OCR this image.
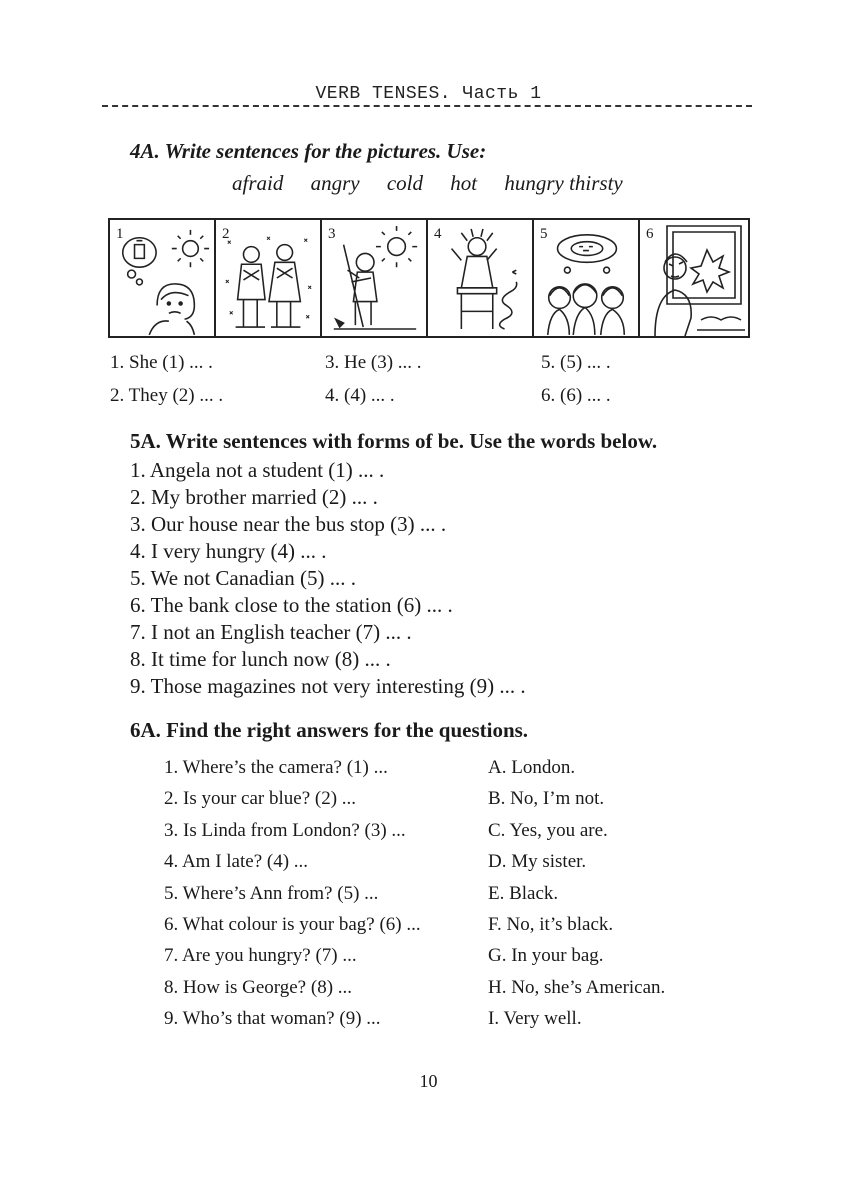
VERB TENSES. Часть 1
4A. Write sentences for the pictures. Use:
afraid angry cold hot hungry thirsty
1	2	3	4	5	6
1. She (1) ... .	3. He (3) ... .	5. (5) ... .
2. They (2) ... .	4. (4) ... .	6. (6) ... .
5A. Write sentences with forms of be. Use the words below.
1. Angela not a student (1) ... .
2. My brother married (2) ... .
3. Our house near the bus stop (3) ... .
4. I very hungry (4) ... .
5. We not Canadian (5) ... .
6. The bank close to the station (6) ... .
7. I not an English teacher (7) ... .
8. It time for lunch now (8) ... .
9. Those magazines not very interesting (9) ... .
6A. Find the right answers for the questions.
1. Where’s the camera? (1) ...	A. London.
2. Is your car blue? (2) ...	B. No, I’m not.
3. Is Linda from London? (3) ...	C. Yes, you are.
4. Am I late? (4) ...	D. My sister.
5. Where’s Ann from? (5) ...	E. Black.
6. What colour is your bag? (6) ...	F. No, it’s black.
7. Are you hungry? (7) ...	G. In your bag.
8. How is George? (8) ...	H. No, she’s American.
9. Who’s that woman? (9) ...	I. Very well.
10
